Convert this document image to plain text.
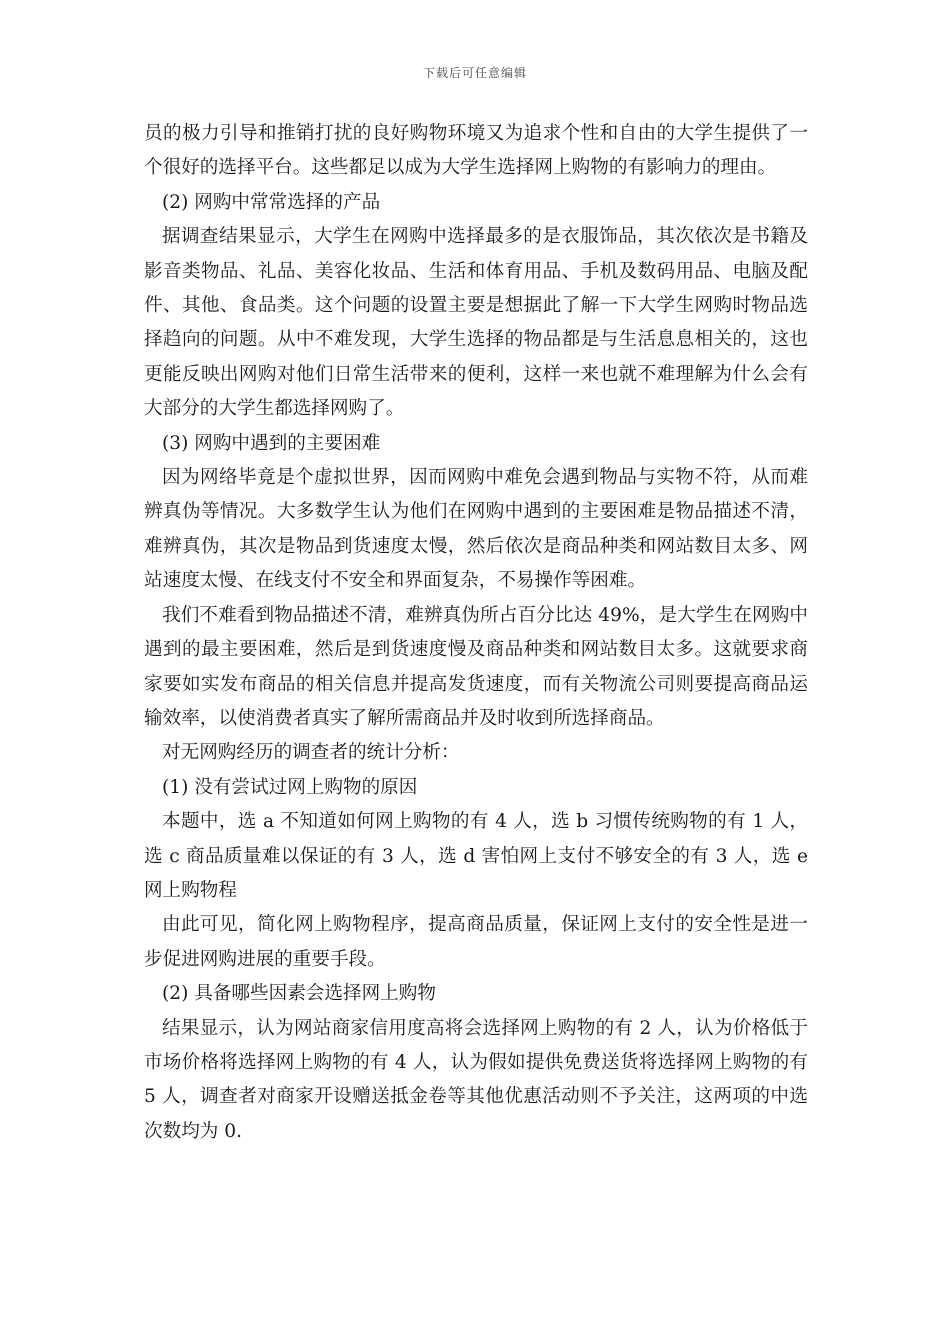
下载后可任意编辑

员的极力引导和推销打扰的良好购物环境又为追求个性和自由的大学生提供了一个很好的选择平台。这些都足以成为大学生选择网上购物的有影响力的理由。

(2) 网购中常常选择的产品

据调查结果显示，大学生在网购中选择最多的是衣服饰品，其次依次是书籍及影音类物品、礼品、美容化妆品、生活和体育用品、手机及数码用品、电脑及配件、其他、食品类。这个问题的设置主要是想据此了解一下大学生网购时物品选择趋向的问题。从中不难发现，大学生选择的物品都是与生活息息相关的，这也更能反映出网购对他们日常生活带来的便利，这样一来也就不难理解为什么会有大部分的大学生都选择网购了。

(3) 网购中遇到的主要困难

因为网络毕竟是个虚拟世界，因而网购中难免会遇到物品与实物不符，从而难辨真伪等情况。大多数学生认为他们在网购中遇到的主要困难是物品描述不清，难辨真伪，其次是物品到货速度太慢，然后依次是商品种类和网站数目太多、网站速度太慢、在线支付不安全和界面复杂，不易操作等困难。

我们不难看到物品描述不清，难辨真伪所占百分比达 49%，是大学生在网购中遇到的最主要困难，然后是到货速度慢及商品种类和网站数目太多。这就要求商家要如实发布商品的相关信息并提高发货速度，而有关物流公司则要提高商品运输效率，以使消费者真实了解所需商品并及时收到所选择商品。

对无网购经历的调查者的统计分析：

(1) 没有尝试过网上购物的原因

本题中，选 a 不知道如何网上购物的有 4 人，选 b 习惯传统购物的有 1 人，选 c 商品质量难以保证的有 3 人，选 d 害怕网上支付不够安全的有 3 人，选 e 网上购物程

由此可见，简化网上购物程序，提高商品质量，保证网上支付的安全性是进一步促进网购进展的重要手段。

(2) 具备哪些因素会选择网上购物

结果显示，认为网站商家信用度高将会选择网上购物的有 2 人，认为价格低于市场价格将选择网上购物的有 4 人，认为假如提供免费送货将选择网上购物的有 5 人，调查者对商家开设赠送抵金卷等其他优惠活动则不予关注，这两项的中选次数均为 0.
